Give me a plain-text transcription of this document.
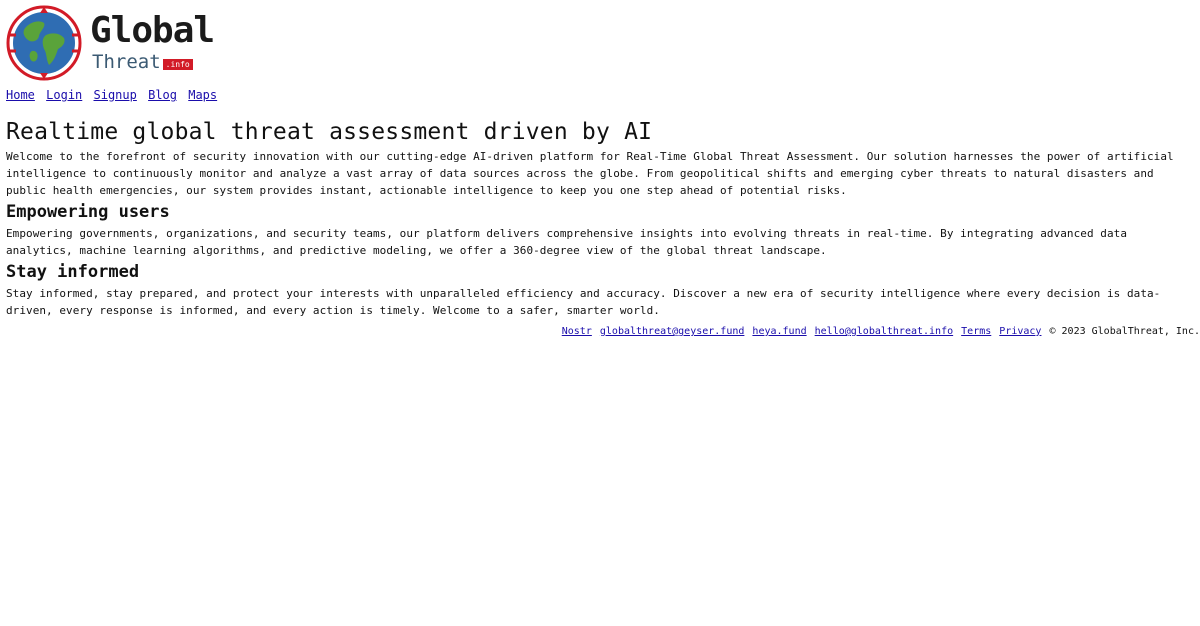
Global
Threat .info
Home Login Signup Blog Maps
Realtime global threat assessment driven by AI

Welcome to the forefront of security innovation with our cutting-edge AI-driven platform for Real-Time Global Threat Assessment. Our solution harnesses the power of artificial intelligence to continuously monitor and analyze a vast array of data sources across the globe. From geopolitical shifts and emerging cyber threats to natural disasters and public health emergencies, our system provides instant, actionable intelligence to keep you one step ahead of potential risks.

Empowering users

Empowering governments, organizations, and security teams, our platform delivers comprehensive insights into evolving threats in real-time. By integrating advanced data analytics, machine learning algorithms, and predictive modeling, we offer a 360-degree view of the global threat landscape.

Stay informed

Stay informed, stay prepared, and protect your interests with unparalleled efficiency and accuracy. Discover a new era of security intelligence where every decision is data-driven, every response is informed, and every action is timely. Welcome to a safer, smarter world.

Nostr globalthreat@geyser.fund heya.fund hello@globalthreat.info Terms Privacy © 2023 GlobalThreat, Inc.
